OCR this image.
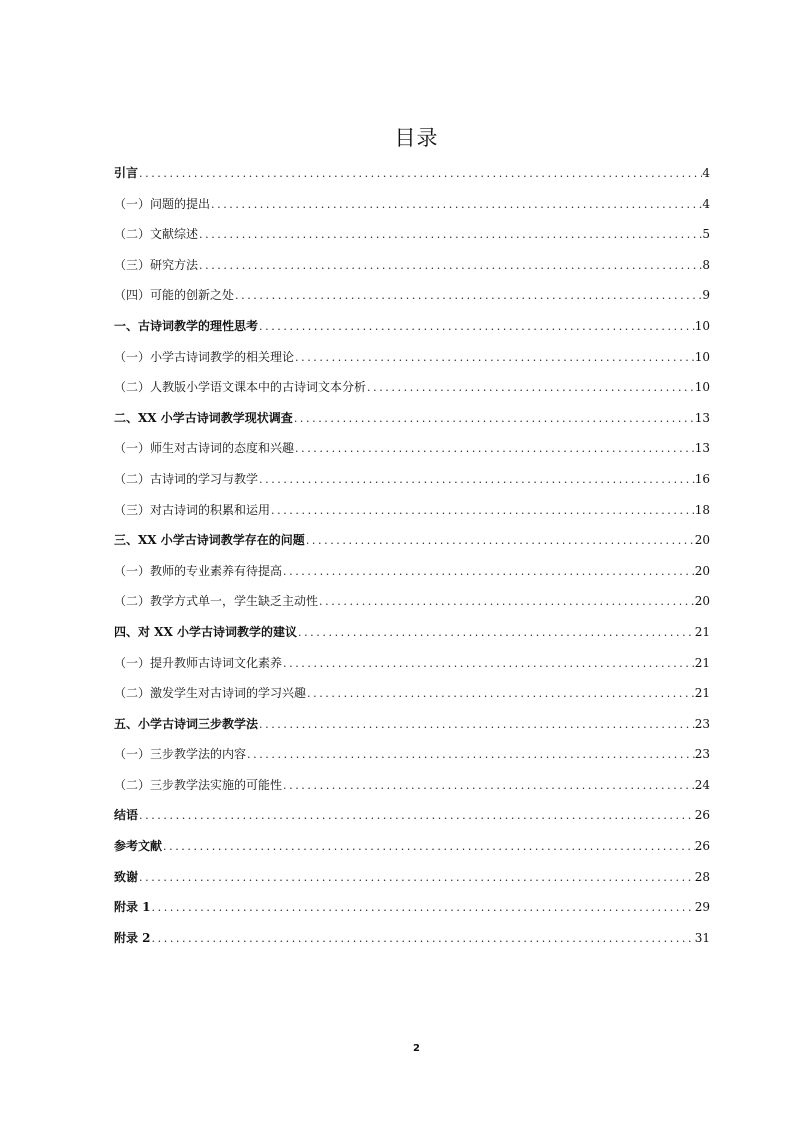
目录
引言 .....	4
（一）问题的提出 .....	4
（二）文献综述 .....	5
（三）研究方法 .....	8
（四）可能的创新之处 .....	9
一、古诗词教学的理性思考 .....	10
（一）小学古诗词教学的相关理论 .....	10
（二）人教版小学语文课本中的古诗词文本分析 .....	10
二、XX 小学古诗词教学现状调查 .....	13
（一）师生对古诗词的态度和兴趣 .....	13
（二）古诗词的学习与教学 .....	16
（三）对古诗词的积累和运用 .....	18
三、XX 小学古诗词教学存在的问题 .....	20
（一）教师的专业素养有待提高 .....	20
（二）教学方式单一，学生缺乏主动性 .....	20
四、对 XX 小学古诗词教学的建议 .....	21
（一）提升教师古诗词文化素养 .....	21
（二）激发学生对古诗词的学习兴趣 .....	21
五、小学古诗词三步教学法 .....	23
（一）三步教学法的内容 .....	23
（二）三步教学法实施的可能性 .....	24
结语 .....	26
参考文献 .....	26
致谢 .....	28
附录 1 .....	29
附录 2 .....	31
2
